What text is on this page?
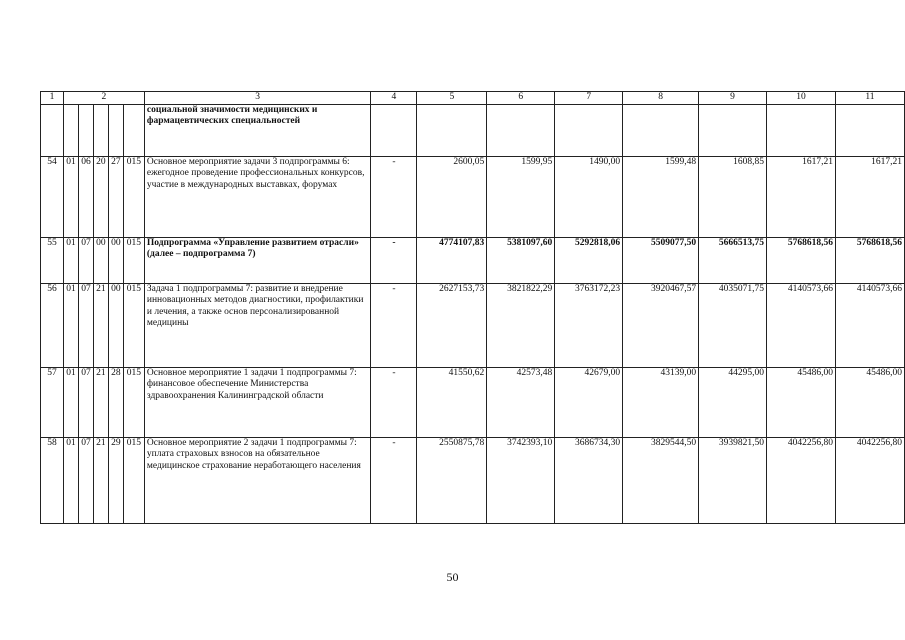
1	2					3	4	5	6	7	8	9	10	11
						социальной значимости медицинских и фармацевтических специальностей								
54	01	06	20	27	015	Основное мероприятие задачи 3 подпрограммы 6: ежегодное проведение профессиональных конкурсов, участие в международных выставках, форумах	-	2600,05	1599,95	1490,00	1599,48	1608,85	1617,21	1617,21
55	01	07	00	00	015	Подпрограмма «Управление развитием отрасли» (далее – подпрограмма 7)	-	4774107,83	5381097,60	5292818,06	5509077,50	5666513,75	5768618,56	5768618,56
56	01	07	21	00	015	Задача 1 подпрограммы 7: развитие и внедрение инновационных методов диагностики, профилактики и лечения, а также основ персонализированной медицины	-	2627153,73	3821822,29	3763172,23	3920467,57	4035071,75	4140573,66	4140573,66
57	01	07	21	28	015	Основное мероприятие 1 задачи 1 подпрограммы 7: финансовое обеспечение Министерства здравоохранения Калининградской области	-	41550,62	42573,48	42679,00	43139,00	44295,00	45486,00	45486,00
58	01	07	21	29	015	Основное мероприятие 2 задачи 1 подпрограммы 7: уплата страховых взносов на обязательное медицинское страхование неработающего населения	-	2550875,78	3742393,10	3686734,30	3829544,50	3939821,50	4042256,80	4042256,80
50
